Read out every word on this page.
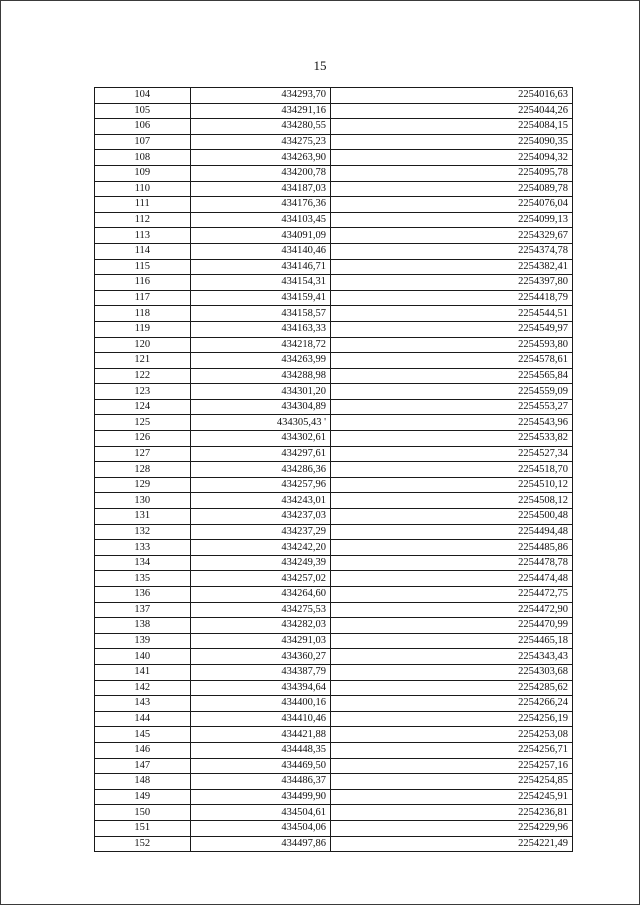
15
104	434293,70	2254016,63
105	434291,16	2254044,26
106	434280,55	2254084,15
107	434275,23	2254090,35
108	434263,90	2254094,32
109	434200,78	2254095,78
110	434187,03	2254089,78
111	434176,36	2254076,04
112	434103,45	2254099,13
113	434091,09	2254329,67
114	434140,46	2254374,78
115	434146,71	2254382,41
116	434154,31	2254397,80
117	434159,41	2254418,79
118	434158,57	2254544,51
119	434163,33	2254549,97
120	434218,72	2254593,80
121	434263,99	2254578,61
122	434288,98	2254565,84
123	434301,20	2254559,09
124	434304,89	2254553,27
125	434305,43 '	2254543,96
126	434302,61	2254533,82
127	434297,61	2254527,34
128	434286,36	2254518,70
129	434257,96	2254510,12
130	434243,01	2254508,12
131	434237,03	2254500,48
132	434237,29	2254494,48
133	434242,20	2254485,86
134	434249,39	2254478,78
135	434257,02	2254474,48
136	434264,60	2254472,75
137	434275,53	2254472,90
138	434282,03	2254470,99
139	434291,03	2254465,18
140	434360,27	2254343,43
141	434387,79	2254303,68
142	434394,64	2254285,62
143	434400,16	2254266,24
144	434410,46	2254256,19
145	434421,88	2254253,08
146	434448,35	2254256,71
147	434469,50	2254257,16
148	434486,37	2254254,85
149	434499,90	2254245,91
150	434504,61	2254236,81
151	434504,06	2254229,96
152	434497,86	2254221,49
